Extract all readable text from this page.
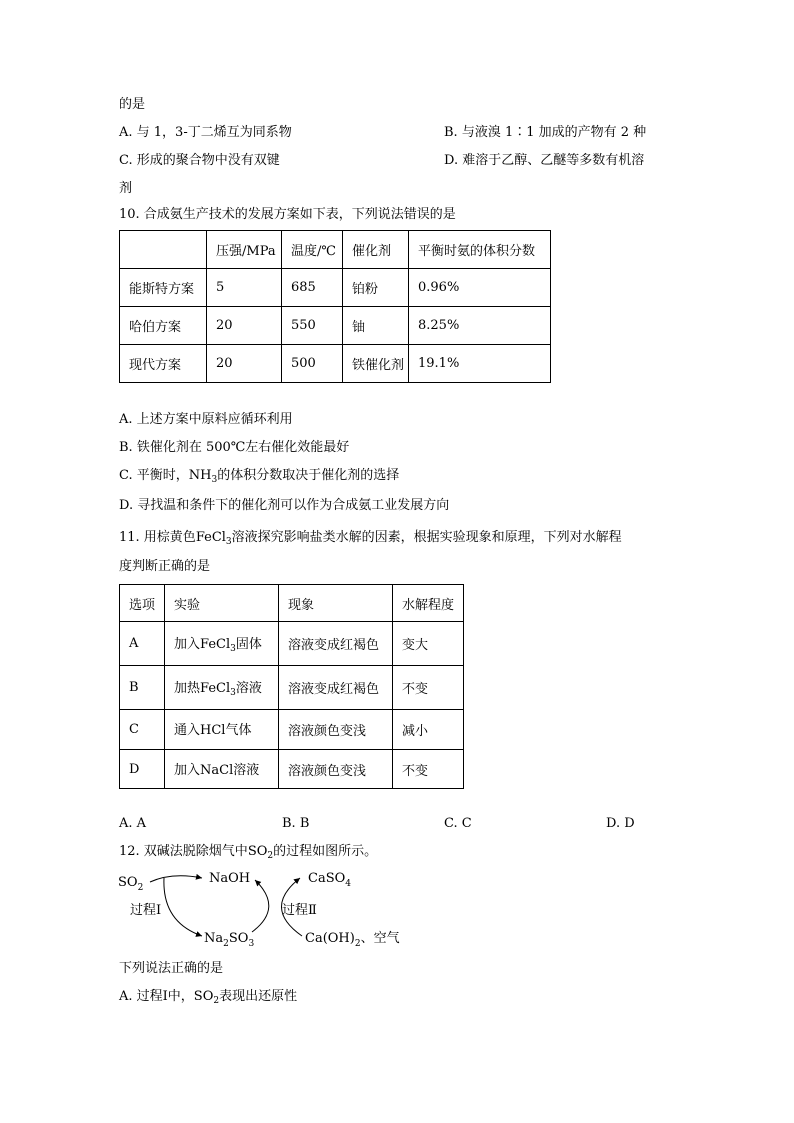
的是
A. 与 1，3-丁二烯互为同系物	B. 与液溴 1∶1 加成的产物有 2 种
C. 形成的聚合物中没有双键	D. 难溶于乙醇、乙醚等多数有机溶
剂
10. 合成氨生产技术的发展方案如下表，下列说法错误的是
	压强/MPa	温度/℃	催化剂	平衡时氨的体积分数
能斯特方案	5	685	铂粉	0.96%
哈伯方案	20	550	铀	8.25%
现代方案	20	500	铁催化剂	19.1%
A. 上述方案中原料应循环利用
B. 铁催化剂在 500℃左右催化效能最好
C. 平衡时，$NH_3$的体积分数取决于催化剂的选择
D. 寻找温和条件下的催化剂可以作为合成氨工业发展方向
11. 用棕黄色FeCl$_3$溶液探究影响盐类水解的因素，根据实验现象和原理，下列对水解程
度判断正确的是
选项	实验	现象	水解程度
A	加入FeCl$_3$固体	溶液变成红褐色	变大
B	加热FeCl$_3$溶液	溶液变成红褐色	不变
C	通入HCl气体	溶液颜色变浅	减小
D	加入NaCl溶液	溶液颜色变浅	不变
A. A	B. B	C. C	D. D
12. 双碱法脱除烟气中$SO_2$的过程如图所示。
$SO_2$
NaOH	CaSO$_4$
过程Ⅰ	过程Ⅱ
$Na_2SO_3$	$Ca(OH)_2$、空气
下列说法正确的是
A. 过程Ⅰ中，$SO_2$表现出还原性
